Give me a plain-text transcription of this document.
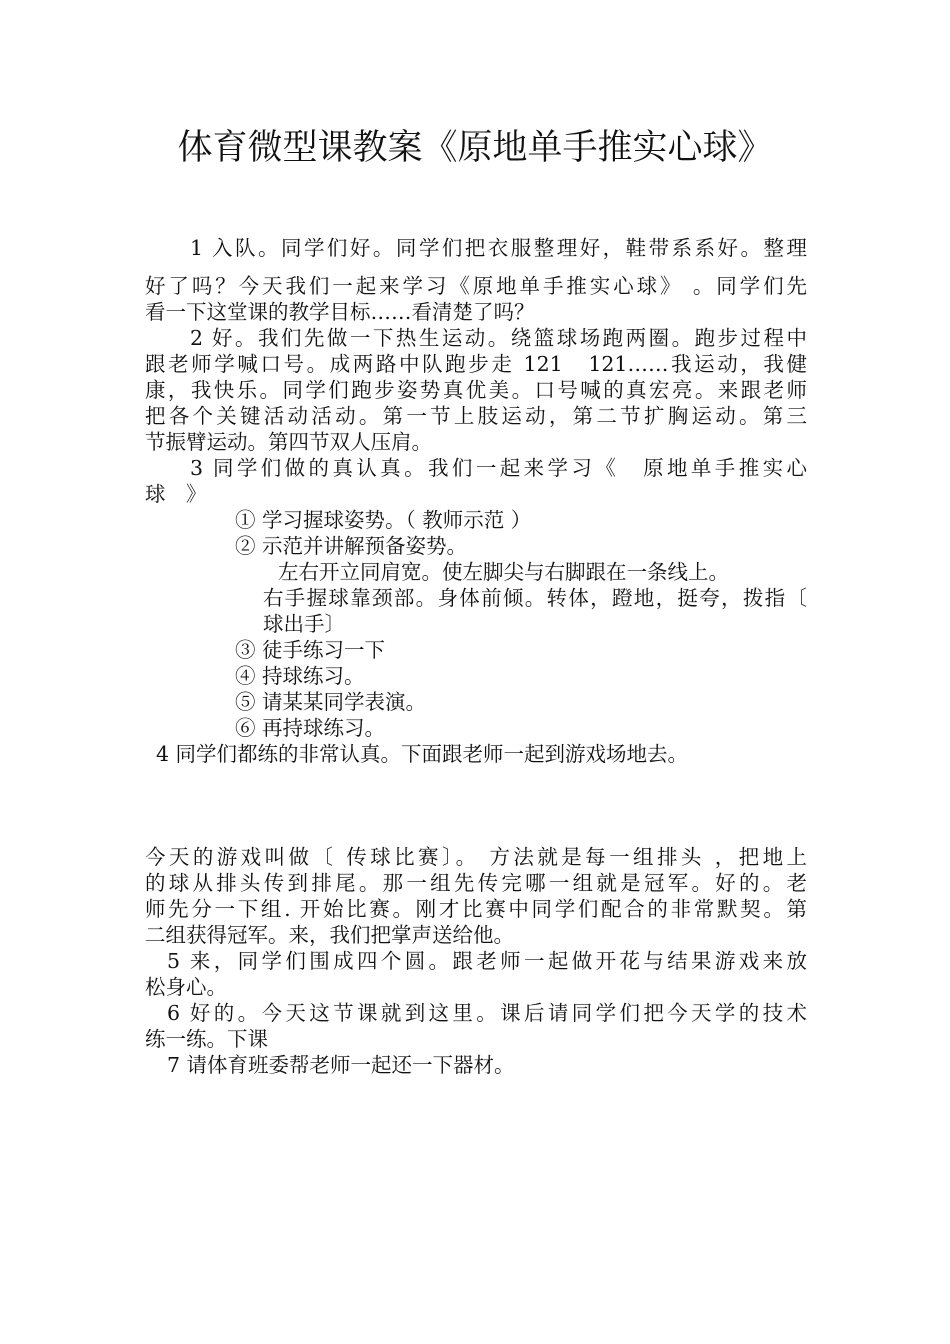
体育微型课教案《原地单手推实心球》
1 入队。同学们好。同学们把衣服整理好，鞋带系系好。整理
好了吗？今天我们一起来学习《原地单手推实心球》 。同学们先
看一下这堂课的教学目标……看清楚了吗？
2 好。我们先做一下热生运动。绕篮球场跑两圈。跑步过程中
跟老师学喊口号。成两路中队跑步走 121　121……我运动，我健
康，我快乐。同学们跑步姿势真优美。口号喊的真宏亮。来跟老师
把各个关键活动活动。第一节上肢运动，第二节扩胸运动。第三
节振臂运动。第四节双人压肩。
3 同学们做的真认真。我们一起来学习《　原地单手推实心
球　》
① 学习握球姿势。（ 教师示范 ）
② 示范并讲解预备姿势。
左右开立同肩宽。使左脚尖与右脚跟在一条线上。
右手握球靠颈部。身体前倾。转体，蹬地，挺夸，拨指〔
球出手〕
③ 徒手练习一下
④ 持球练习。
⑤ 请某某同学表演。
⑥ 再持球练习。
4 同学们都练的非常认真。下面跟老师一起到游戏场地去。
今天的游戏叫做〔 传球比赛〕。 方法就是每一组排头 ，把地上
的球从排头传到排尾。那一组先传完哪一组就是冠军。好的。老
师先分一下组. 开始比赛。刚才比赛中同学们配合的非常默契。第
二组获得冠军。来，我们把掌声送给他。
5 来，同学们围成四个圆。跟老师一起做开花与结果游戏来放
松身心。
6 好的。今天这节课就到这里。课后请同学们把今天学的技术
练一练。下课
7 请体育班委帮老师一起还一下器材。
